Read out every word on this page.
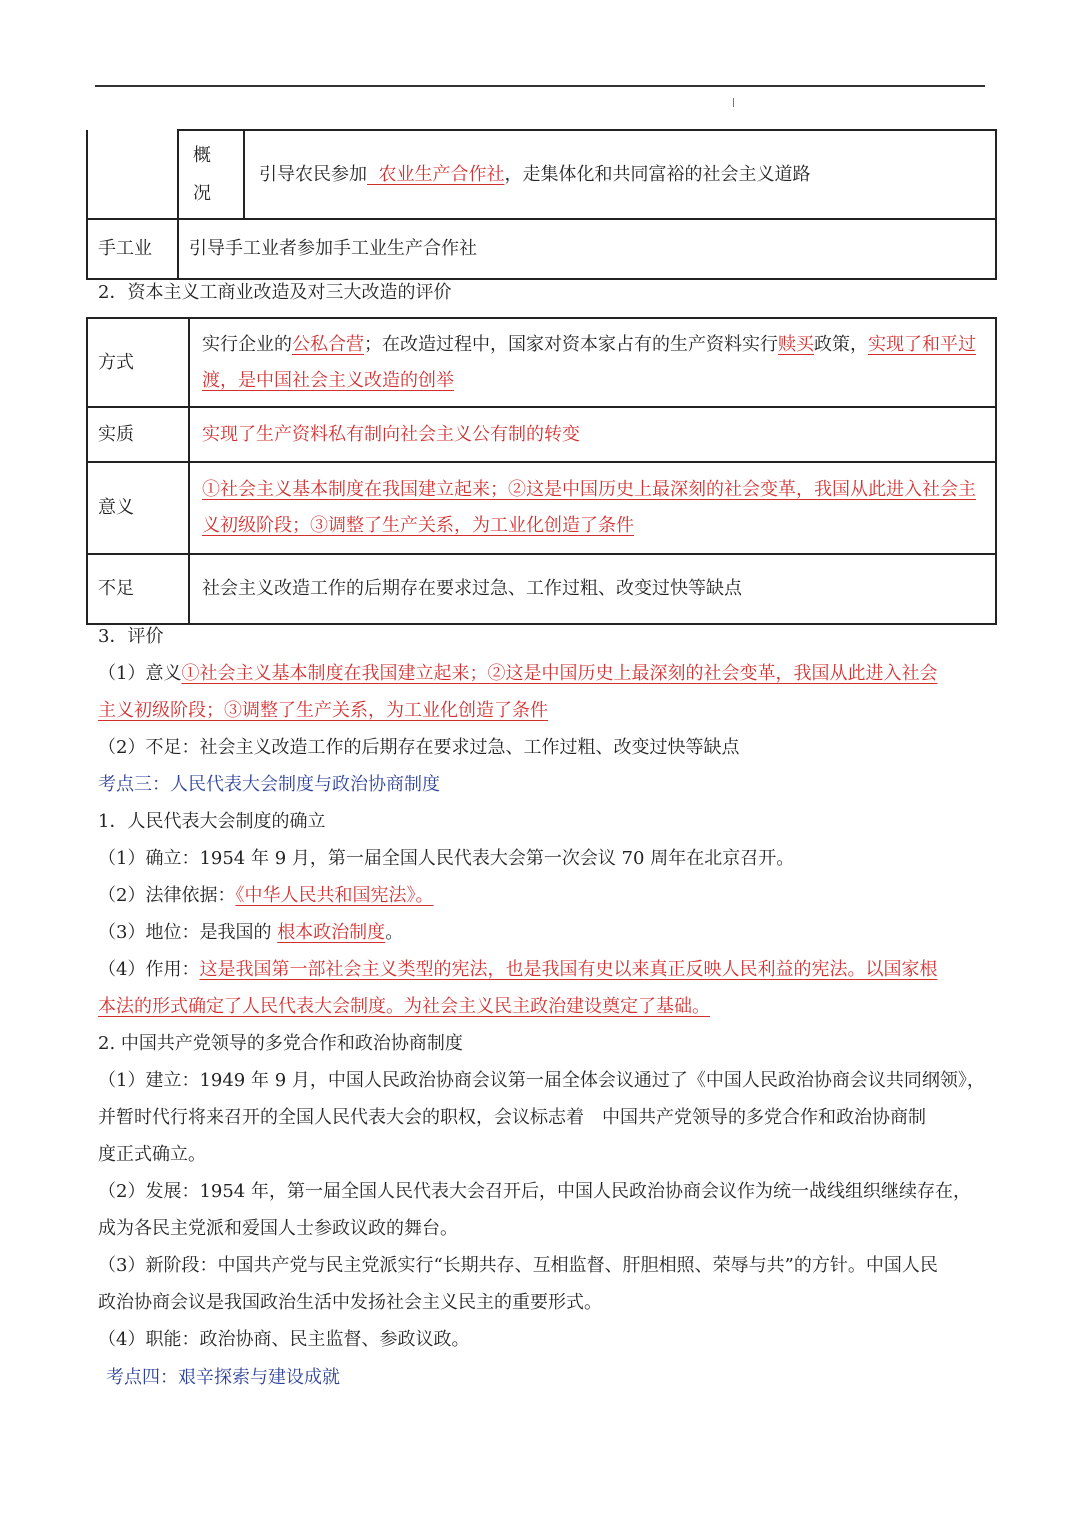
	概况	引导农民参加  农业生产合作社，走集体化和共同富裕的社会主义道路
手工业	引导手工业者参加手工业生产合作社	
2．资本主义工商业改造及对三大改造的评价
方式	实行企业的公私合营；在改造过程中，国家对资本家占有的生产资料实行赎买政策，实现了和平过渡，是中国社会主义改造的创举
实质	实现了生产资料私有制向社会主义公有制的转变
意义	①社会主义基本制度在我国建立起来；②这是中国历史上最深刻的社会变革，我国从此进入社会主义初级阶段；③调整了生产关系，为工业化创造了条件
不足	社会主义改造工作的后期存在要求过急、工作过粗、改变过快等缺点
3．评价
（1）意义①社会主义基本制度在我国建立起来；②这是中国历史上最深刻的社会变革，我国从此进入社会
主义初级阶段；③调整了生产关系，为工业化创造了条件
（2）不足：社会主义改造工作的后期存在要求过急、工作过粗、改变过快等缺点
考点三：人民代表大会制度与政治协商制度
1．人民代表大会制度的确立
（1）确立：1954 年 9 月，第一届全国人民代表大会第一次会议 70 周年在北京召开。
（2）法律依据：《中华人民共和国宪法》。
（3）地位：是我国的 根本政治制度。
（4）作用：这是我国第一部社会主义类型的宪法，也是我国有史以来真正反映人民利益的宪法。以国家根
本法的形式确定了人民代表大会制度。为社会主义民主政治建设奠定了基础。
2. 中国共产党领导的多党合作和政治协商制度
（1）建立：1949 年 9 月，中国人民政治协商会议第一届全体会议通过了《中国人民政治协商会议共同纲领》，
并暂时代行将来召开的全国人民代表大会的职权，会议标志着　中国共产党领导的多党合作和政治协商制
度正式确立。
（2）发展：1954 年，第一届全国人民代表大会召开后，中国人民政治协商会议作为统一战线组织继续存在，
成为各民主党派和爱国人士参政议政的舞台。
（3）新阶段：中国共产党与民主党派实行“长期共存、互相监督、肝胆相照、荣辱与共”的方针。中国人民
政治协商会议是我国政治生活中发扬社会主义民主的重要形式。
（4）职能：政治协商、民主监督、参政议政。
考点四：艰辛探索与建设成就
